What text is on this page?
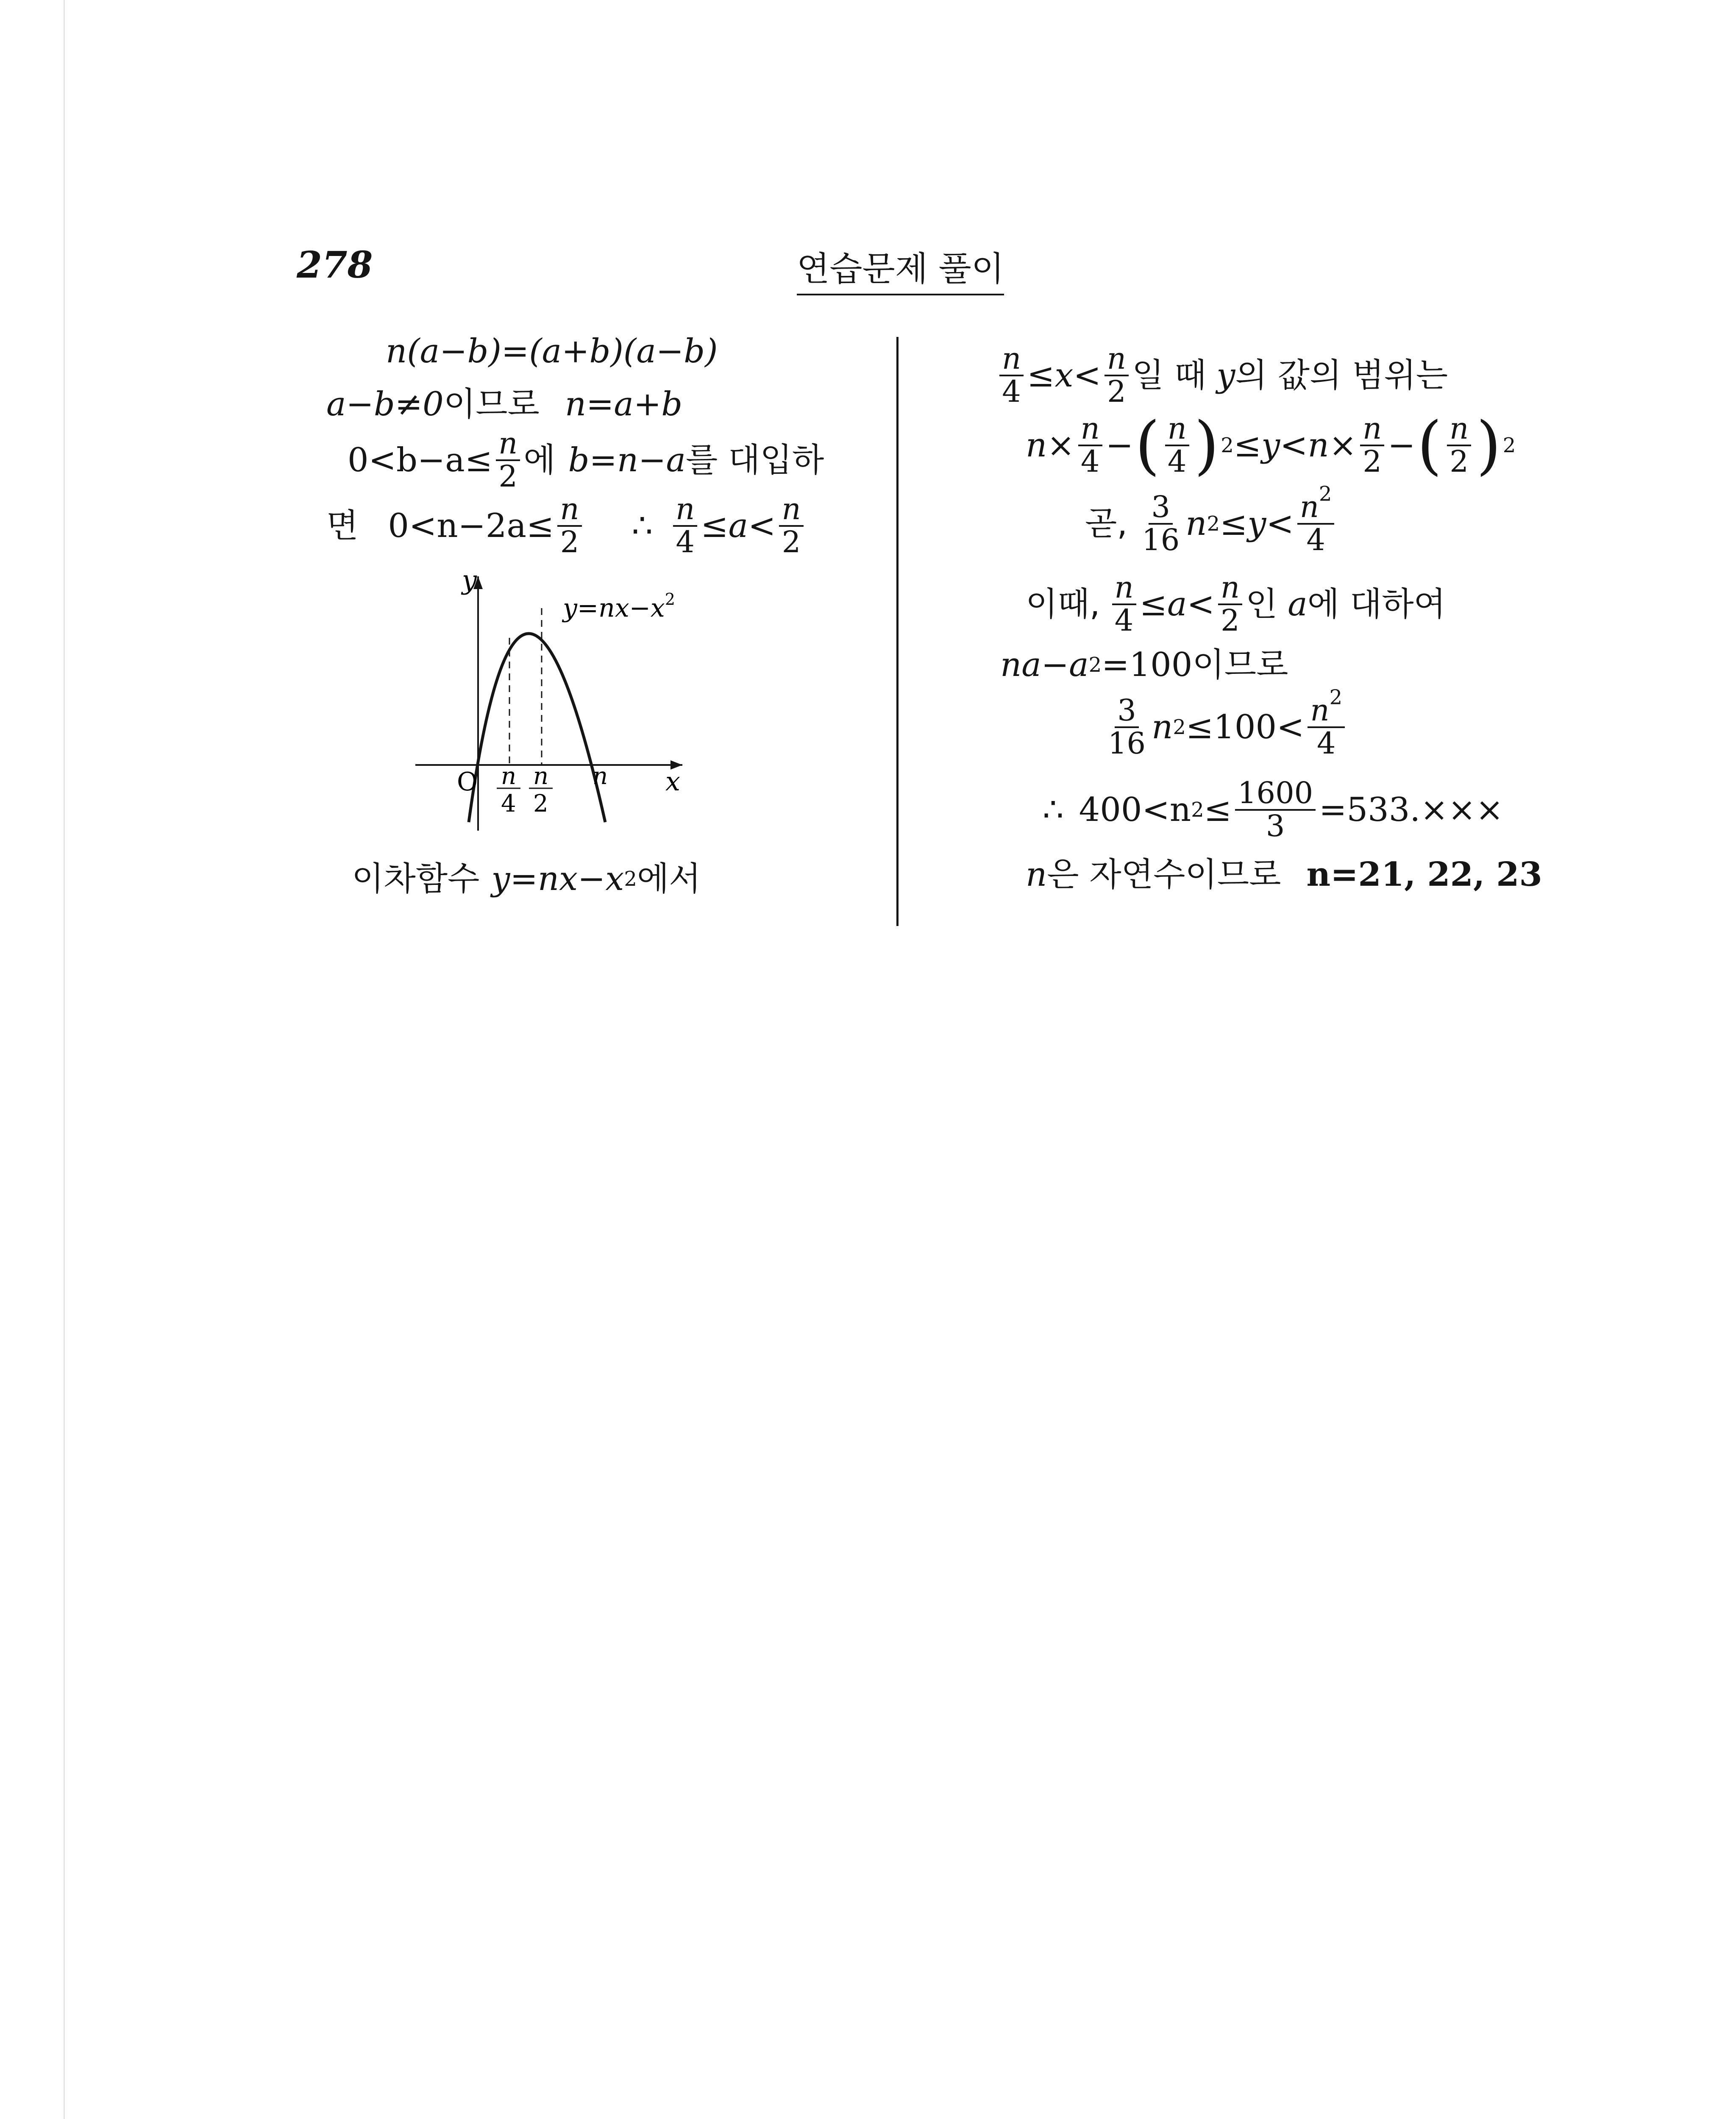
278	연습문제 풀이
n(a−b)=(a+b)(a−b)
a−b≠0 이므로 n=a+b
$0<b-a\le \frac{n}{2}$ 에 b=n−a 를 대입하
면 $0<n-2a\le \frac{n}{2}$ ∴ $\frac{n}{4} \le a< n$
2
y
x
O
$y=nx-x^2$
n
4
n
2
n
이차함수 y=nx−x 2 에서
$\frac{n}{4} \le x< n$
2 일 때 y 의 값의 범위는
$n\times \frac{n}{4}$ − ( n
4 ) $2 \le y<n\times \frac{n}{2}$ − ( n
2 ) 2
곧, 3
16 n $2 \le y< n^2$
4
이때, $\frac{n}{4} \le a< n$
2 인 a 에 대하여
na−a 2 =100 이므로
3
16 n $2 \le 100< n^2$
4
∴ 400<n $2 \le \frac{1600}{3} =533.\times\times\times$
n 은 자연수이므로 n=21, 22, 23
